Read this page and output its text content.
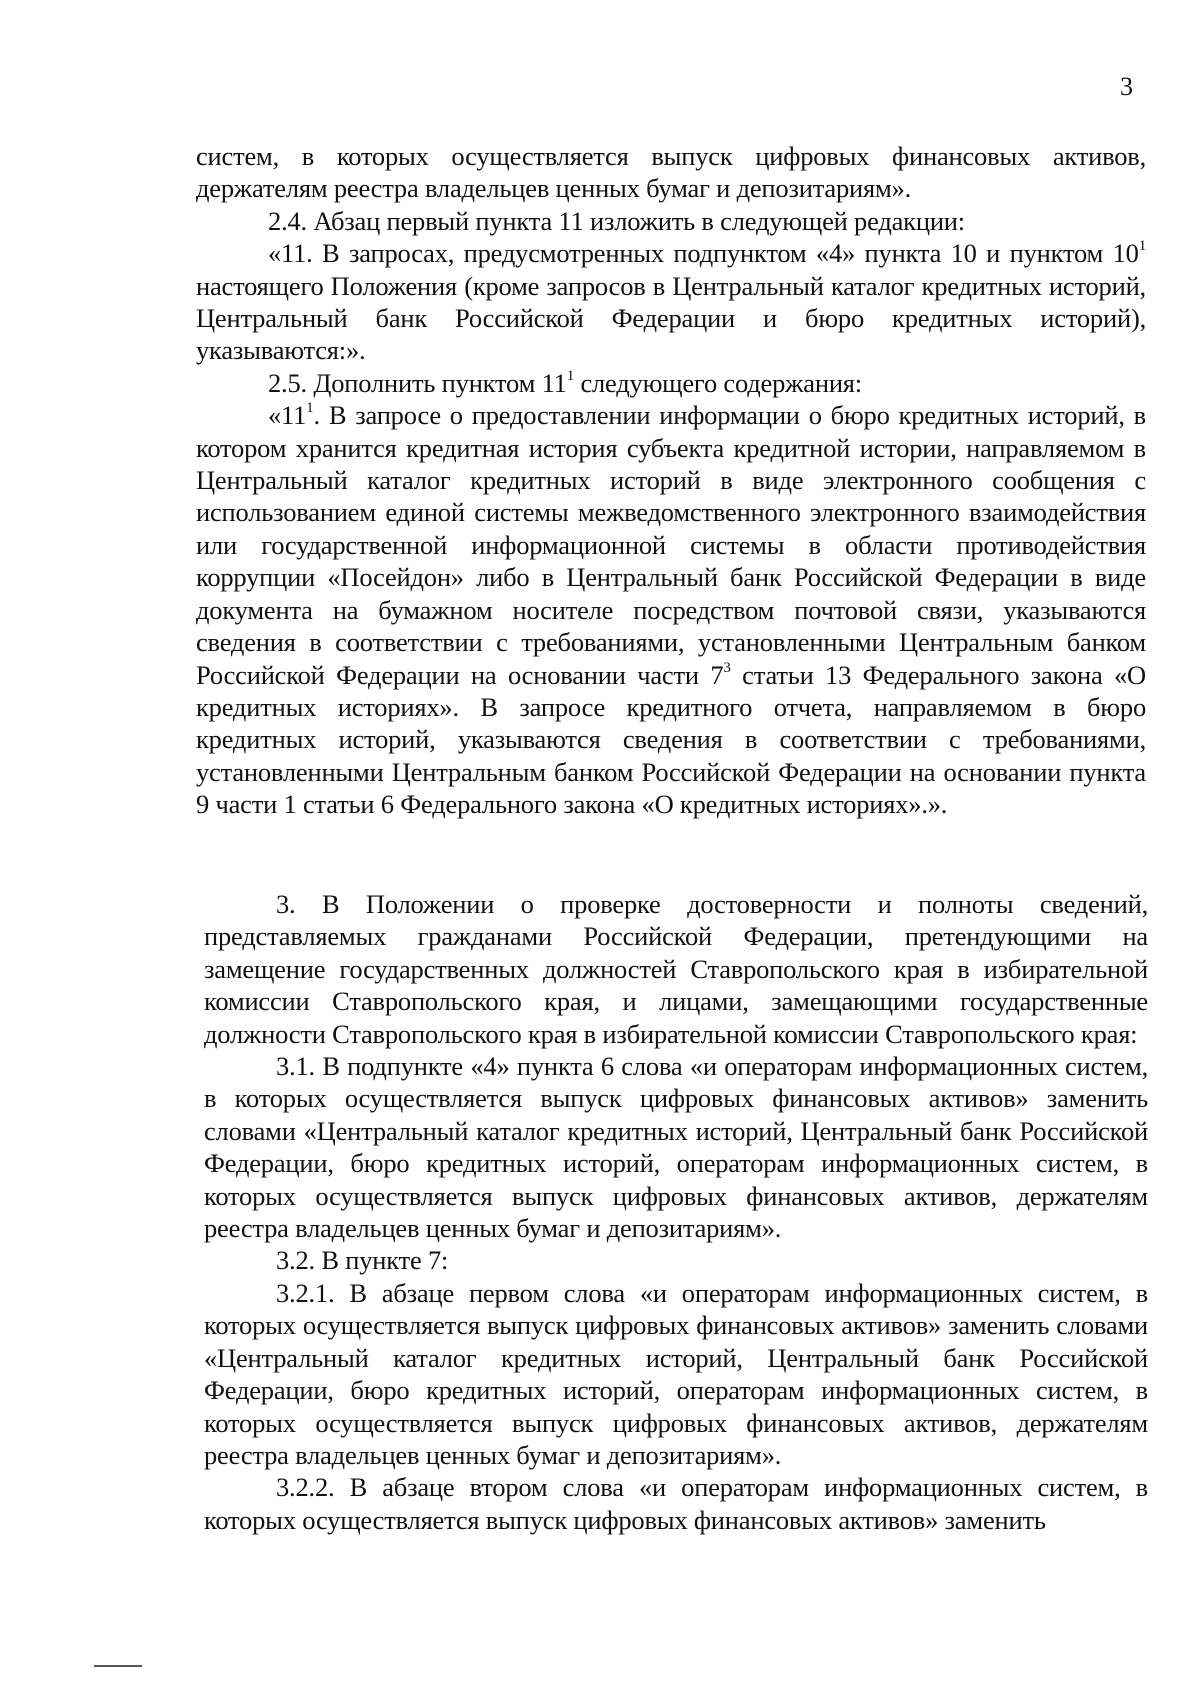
3

систем, в которых осуществляется выпуск цифровых финансовых активов, держателям реестра владельцев ценных бумаг и депозитариям».

2.4. Абзац первый пункта 11 изложить в следующей редакции:

«11. В запросах, предусмотренных подпунктом «4» пункта 10 и пунктом $10^1$ настоящего Положения (кроме запросов в Центральный каталог кредитных историй, Центральный банк Российской Федерации и бюро кредитных историй), указываются:».

2.5. Дополнить пунктом $11^1$ следующего содержания:

«$11^1$. В запросе о предоставлении информации о бюро кредитных историй, в котором хранится кредитная история субъекта кредитной истории, направляемом в Центральный каталог кредитных историй в виде электронного сообщения с использованием единой системы межведомственного электронного взаимодействия или государственной информационной системы в области противодействия коррупции «Посейдон» либо в Центральный банк Российской Федерации в виде документа на бумажном носителе посредством почтовой связи, указываются сведения в соответствии с требованиями, установленными Центральным банком Российской Федерации на основании части $7^3$ статьи 13 Федерального закона «О кредитных историях». В запросе кредитного отчета, направляемом в бюро кредитных историй, указываются сведения в соответствии с требованиями, установленными Центральным банком Российской Федерации на основании пункта 9 части 1 статьи 6 Федерального закона «О кредитных историях».».

3. В Положении о проверке достоверности и полноты сведений, представляемых гражданами Российской Федерации, претендующими на замещение государственных должностей Ставропольского края в избирательной комиссии Ставропольского края, и лицами, замещающими государственные должности Ставропольского края в избирательной комиссии Ставропольского края:

3.1. В подпункте «4» пункта 6 слова «и операторам информационных систем, в которых осуществляется выпуск цифровых финансовых активов» заменить словами «Центральный каталог кредитных историй, Центральный банк Российской Федерации, бюро кредитных историй, операторам информационных систем, в которых осуществляется выпуск цифровых финансовых активов, держателям реестра владельцев ценных бумаг и депозитариям».

3.2. В пункте 7:

3.2.1. В абзаце первом слова «и операторам информационных систем, в которых осуществляется выпуск цифровых финансовых активов» заменить словами «Центральный каталог кредитных историй, Центральный банк Российской Федерации, бюро кредитных историй, операторам информационных систем, в которых осуществляется выпуск цифровых финансовых активов, держателям реестра владельцев ценных бумаг и депозитариям».

3.2.2. В абзаце втором слова «и операторам информационных систем, в которых осуществляется выпуск цифровых финансовых активов» заменить
